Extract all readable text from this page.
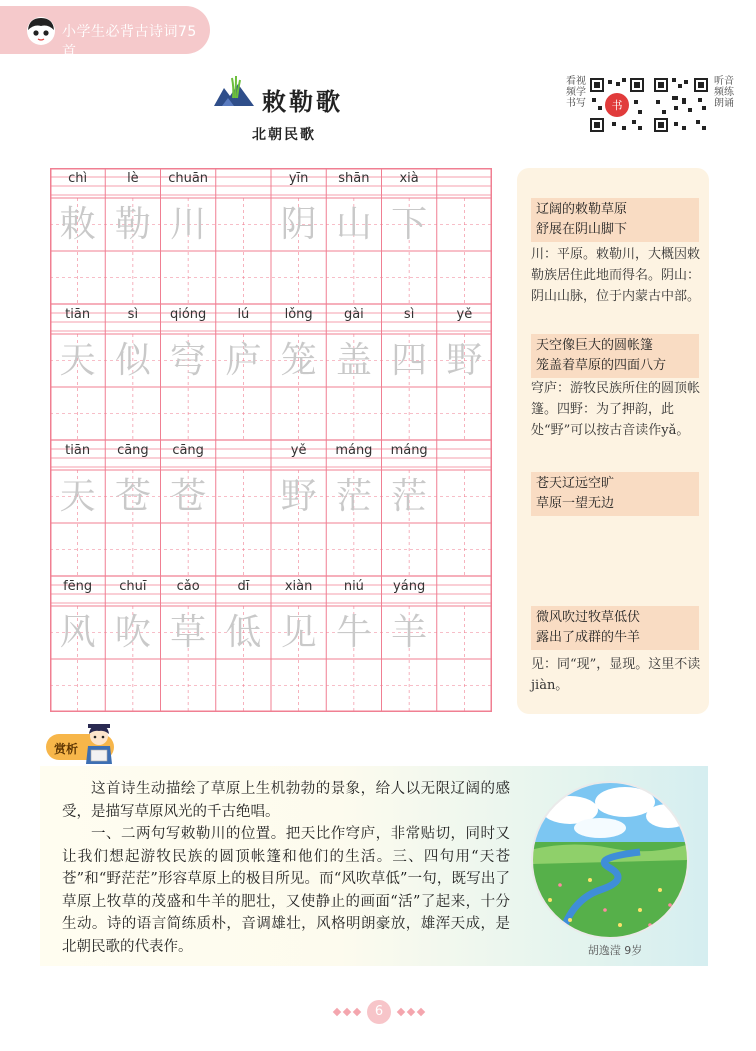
小学生必背古诗词75首
敕勒歌
北朝民歌
看视频学书写	书
听音频练朗诵
chì
敕
lè
勒
chuān
川
yīn
阴
shān
山
xià
下
tiān
天
sì
似
qióng
穹
lú
庐
lǒng
笼
gài
盖
sì
四
yě
野
tiān
天
cāng
苍
cāng
苍
yě
野
máng
茫
máng
茫
fēng
风
chuī
吹
cǎo
草
dī
低
xiàn
见
niú
牛
yáng
羊
辽阔的敕勒草原
舒展在阴山脚下
川：平原。敕勒川，大概因敕勒族居住此地而得名。阴山：阴山山脉，位于内蒙古中部。
天空像巨大的圆帐篷
笼盖着草原的四面八方
穹庐：游牧民族所住的圆顶帐篷。四野：为了押韵，此处“野”可以按古音读作yǎ。
苍天辽远空旷
草原一望无边
微风吹过牧草低伏
露出了成群的牛羊
见：同“现”，显现。这里不读jiàn。
赏析

这首诗生动描绘了草原上生机勃勃的景象，给人以无限辽阔的感受，是描写草原风光的千古绝唱。

一、二两句写敕勒川的位置。把天比作穹庐，非常贴切，同时又让我们想起游牧民族的圆顶帐篷和他们的生活。三、四句用“天苍苍”和“野茫茫”形容草原上的极目所见。而“风吹草低”一句，既写出了草原上牧草的茂盛和牛羊的肥壮，又使静止的画面“活”了起来，十分生动。诗的语言简练质朴，音调雄壮，风格明朗豪放，雄浑天成，是北朝民歌的代表作。	胡逸滢 9岁
6
